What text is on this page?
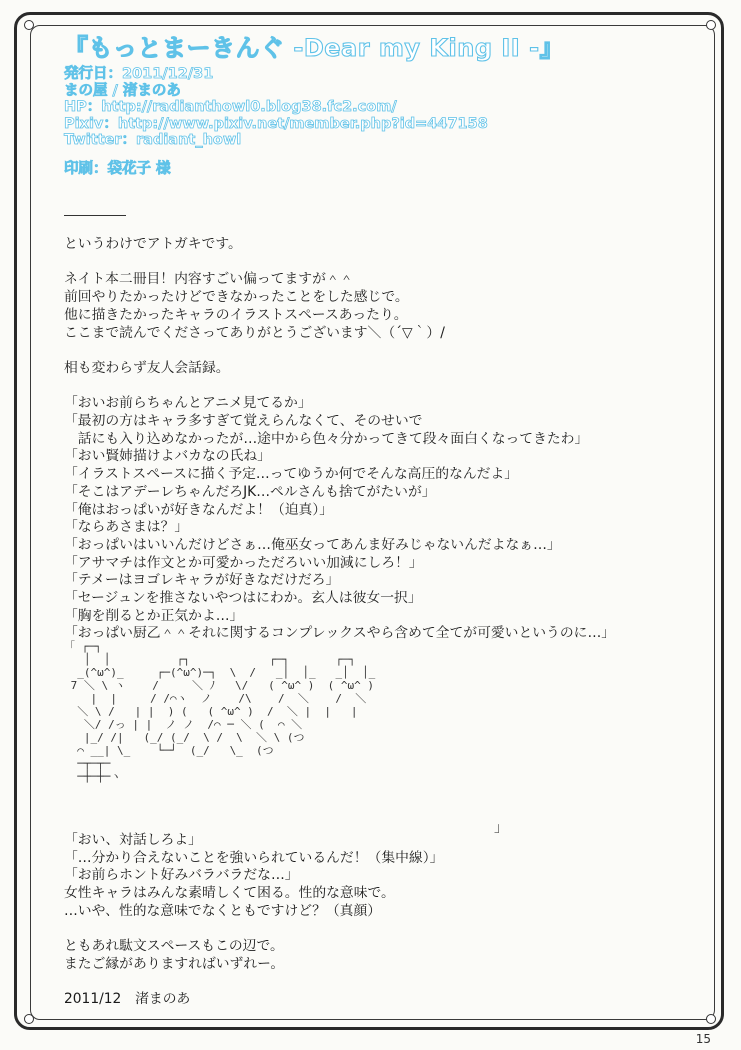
『もっとまーきんぐ -Dear my King II -』
発行日：2011/12/31
まの屋 / 渚まのあ
HP：http://radianthowl0.blog38.fc2.com/
Pixiv：http://www.pixiv.net/member.php?id=447158
Twitter：radiant_howl
印刷：袋花子 様
というわけでアトガキです。

ネイト本二冊目！内容すごい偏ってますが＾＾
前回やりたかったけどできなかったことをした感じで。
他に描きたかったキャラのイラストスペースあったり。
ここまで読んでくださってありがとうございます＼（´▽｀）/

相も変わらず友人会話録。

「おいお前らちゃんとアニメ見てるか」
「最初の方はキャラ多すぎて覚えらんなくて、そのせいで
　話にも入り込めなかったが…途中から色々分かってきて段々面白くなってきたわ」
「おい賢姉描けよバカなの氏ね」
「イラストスペースに描く予定…ってゆうか何でそんな高圧的なんだよ」
「そこはアデーレちゃんだろJK…ペルさんも捨てがたいが」
「俺はおっぱいが好きなんだよ！（迫真）」
「ならあさまは？」
「おっぱいはいいんだけどさぁ…俺巫女ってあんま好みじゃないんだよなぁ…」
「アサマチは作文とか可愛かっただろいい加減にしろ！」
「テメーはヨゴレキャラが好きなだけだろ」
「セージュンを推さないやつはにわか。玄人は彼女一択」
「胸を削るとか正気かよ…」
「おっぱい厨乙＾＾それに関するコンプレックスやら含めて全てが可愛いというのに…」
「 ┌─┐
│  │          ┌┐            ┌─┐       ┌─┐
_(^ω^)_     ┌─(^ω^)─┐  \  /   _│  │_   _│  │_
7 ＼ \ ヽ    /     ＼ ﾉ   \/   ( ^ω^ )  ( ^ω^ )
|  |     / /⌒ヽ  ノ    /\    /  ＼    /  ＼
＼ \ /   | |  ) (   ( ^ω^ )  /  ＼ |  |   |
＼/ /っ | |  ノ ノ  /⌒ ─ ＼ (  ⌒ ＼
|_/ /|   (_/ (_/  \ /  \  ＼ \ (つ
⌒ __| \_    └─┘  (_/   \_  (つ
─┬─┬─
─┼─┼─ヽ

」
「おい、対話しろよ」
「…分かり合えないことを強いられているんだ！（集中線）」
「お前らホント好みバラバラだな…」
女性キャラはみんな素晴しくて困る。性的な意味で。
…いや、性的な意味でなくともですけど？（真顔）

ともあれ駄文スペースもこの辺で。
またご縁がありますればいずれー。

2011/12　渚まのあ
15
